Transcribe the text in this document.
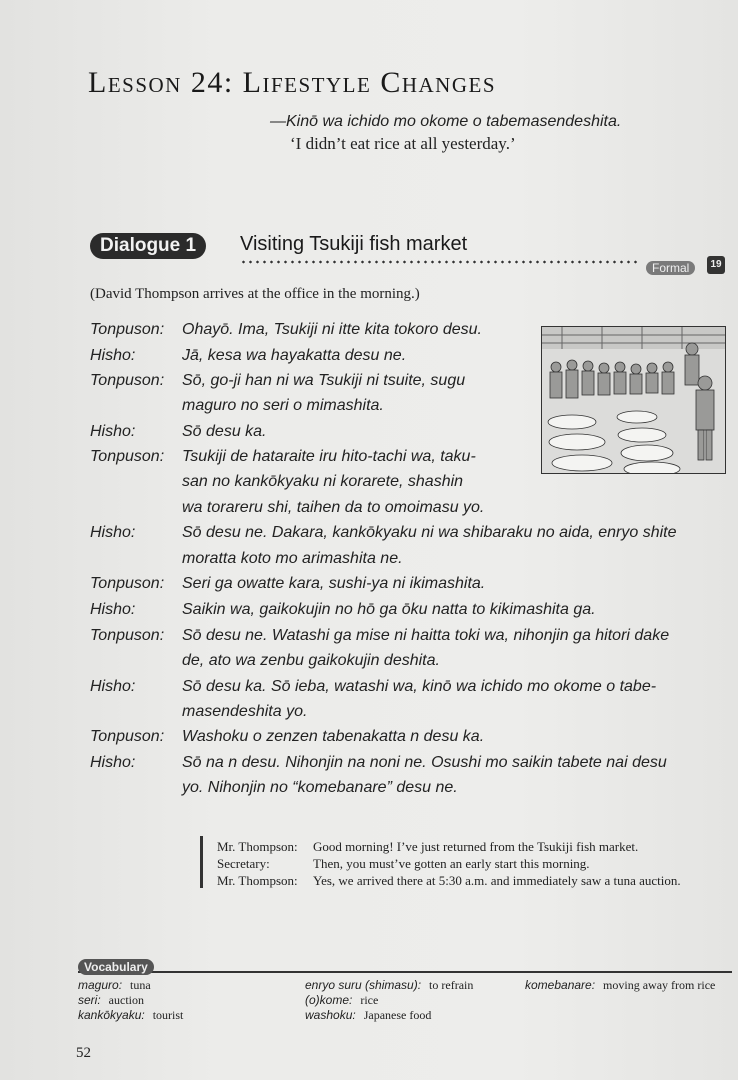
Lesson 24: Lifestyle Changes
—Kinō wa ichido mo okome o tabemasendeshita.
‘I didn’t eat rice at all yesterday.’
Dialogue 1	Visiting Tsukiji fish market
Formal	19
(David Thompson arrives at the office in the morning.)
Tonpuson: Ohayō. Ima, Tsukiji ni itte kita tokoro desu.
Hisho:	Jā, kesa wa hayakatta desu ne.
Tonpuson: Sō, go-ji han ni wa Tsukiji ni tsuite, sugu
maguro no seri o mimashita.
Hisho:	Sō desu ka.
Tonpuson: Tsukiji de hataraite iru hito-tachi wa, taku-
san no kankōkyaku ni korarete, shashin
wa torareru shi, taihen da to omoimasu yo.
Hisho:	Sō desu ne. Dakara, kankōkyaku ni wa shibaraku no aida, enryo shite
moratta koto mo arimashita ne.
Tonpuson: Seri ga owatte kara, sushi-ya ni ikimashita.
Hisho:	Saikin wa, gaikokujin no hō ga ōku natta to kikimashita ga.
Tonpuson: Sō desu ne. Watashi ga mise ni haitta toki wa, nihonjin ga hitori dake
de, ato wa zenbu gaikokujin deshita.
Hisho:	Sō desu ka. Sō ieba, watashi wa, kinō wa ichido mo okome o tabe-
masendeshita yo.
Tonpuson: Washoku o zenzen tabenakatta n desu ka.
Hisho:	Sō na n desu. Nihonjin na noni ne. Osushi mo saikin tabete nai desu
yo. Nihonjin no “komebanare” desu ne.
Mr. Thompson: Good morning! I’ve just returned from the Tsukiji fish market.
Secretary:	Then, you must’ve gotten an early start this morning.
Mr. Thompson: Yes, we arrived there at 5:30 a.m. and immediately saw a tuna auction.
Vocabulary
maguro: tuna
seri: auction
kankōkyaku: tourist
enryo suru (shimasu): to refrain
(o)kome: rice
washoku: Japanese food
komebanare: moving away from rice
52
